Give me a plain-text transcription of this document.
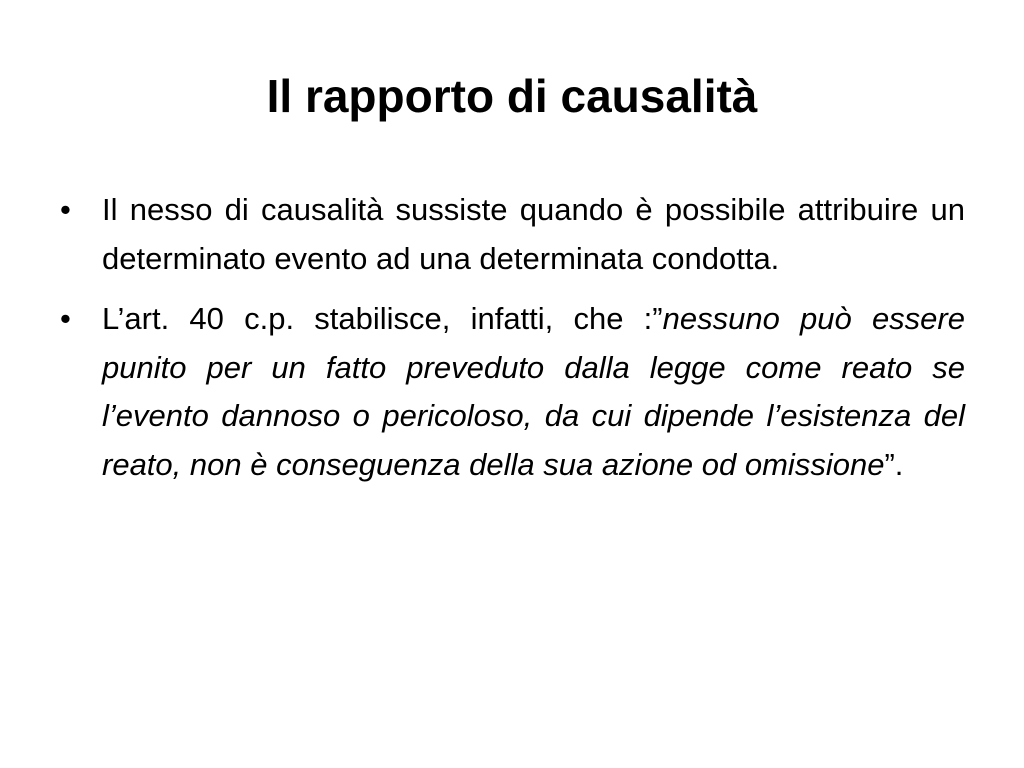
Il rapporto di causalità
•	Il nesso di causalità sussiste quando è possibile attribuire un determinato evento ad una determinata condotta.
•	L’art. 40 c.p. stabilisce, infatti, che :”nessuno può essere punito per un fatto preveduto dalla legge come reato se l’evento dannoso o pericoloso, da cui dipende l’esistenza del reato, non è conseguenza della sua azione od omissione”.
